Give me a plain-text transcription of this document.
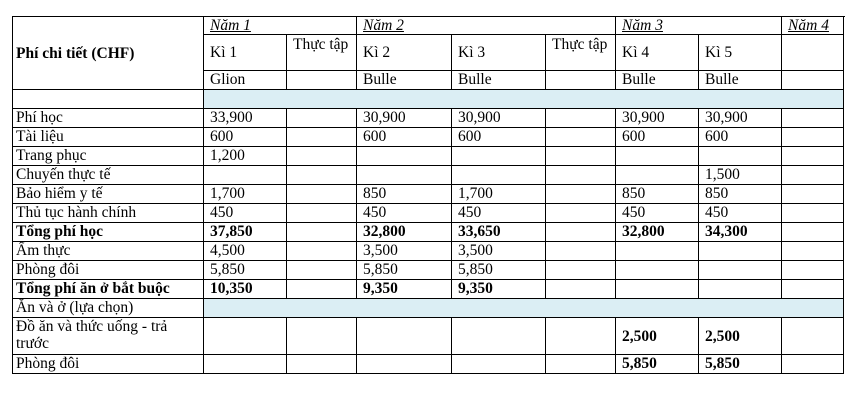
Phí chi tiết (CHF)	Năm 1		Năm 2			Năm 3		Năm 4
	Kì 1	Thực tập	Kì 2	Kì 3	Thực tập	Kì 4	Kì 5	
	Glion		Bulle	Bulle		Bulle	Bulle	

Phí học	33,900		30,900	30,900		30,900	30,900	
Tài liệu	600		600	600		600	600	
Trang phục	1,200							
Chuyến thực tế							1,500	
Bảo hiểm y tế	1,700		850	1,700		850	850	
Thủ tục hành chính	450		450	450		450	450	
Tổng phí học	37,850		32,800	33,650		32,800	34,300	
Ẩm thực	4,500		3,500	3,500				
Phòng đôi	5,850		5,850	5,850				
Tổng phí ăn ở bắt buộc	10,350		9,350	9,350				
Ăn và ở (lựa chọn)								
Đồ ăn và thức uống - trả trước						2,500	2,500	
Phòng đôi						5,850	5,850	
